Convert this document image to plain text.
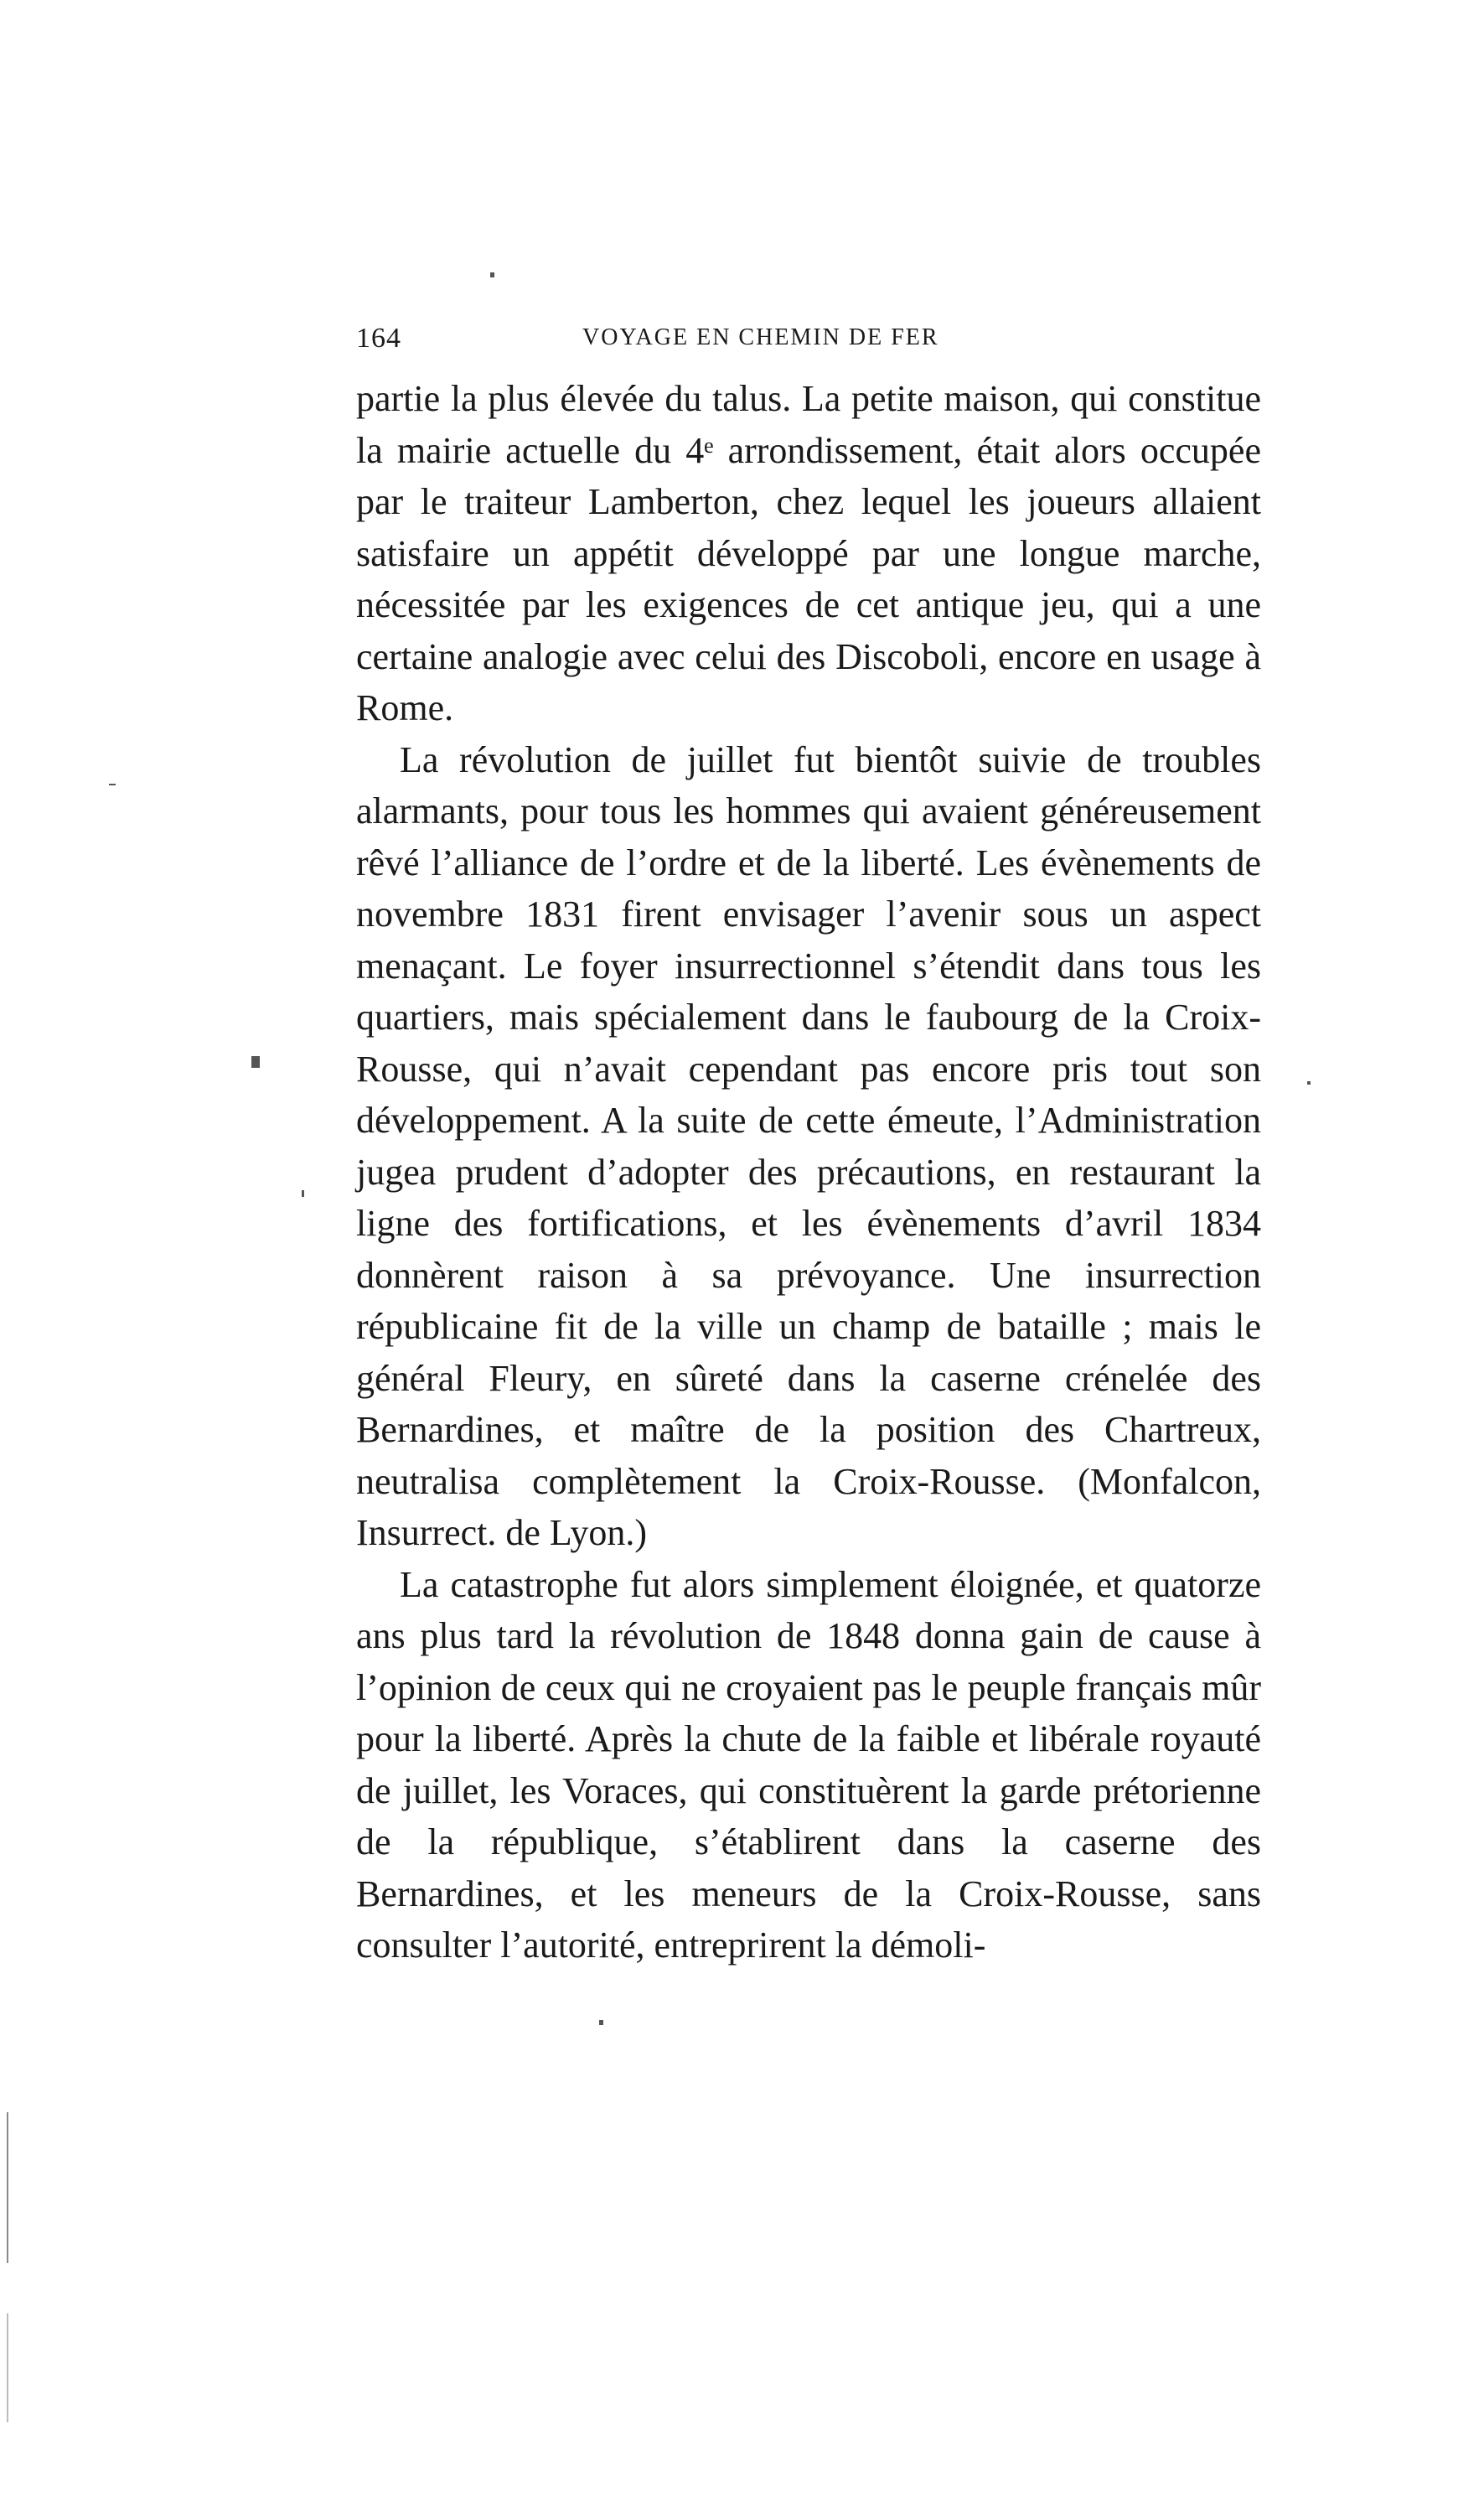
164	VOYAGE EN CHEMIN DE FER

partie la plus élevée du talus. La petite maison, qui constitue la mairie actuelle du 4ᵉ arrondissement, était alors occupée par le traiteur Lamberton, chez lequel les joueurs allaient satisfaire un appétit développé par une longue marche, nécessitée par les exigences de cet antique jeu, qui a une certaine analogie avec celui des Discoboli, encore en usage à Rome.

La révolution de juillet fut bientôt suivie de troubles alarmants, pour tous les hommes qui avaient généreusement rêvé l’alliance de l’ordre et de la liberté. Les évènements de novembre 1831 firent envisager l’avenir sous un aspect menaçant. Le foyer insurrectionnel s’étendit dans tous les quartiers, mais spécialement dans le faubourg de la Croix-Rousse, qui n’avait cependant pas encore pris tout son développement. A la suite de cette émeute, l’Administration jugea prudent d’adopter des précautions, en restaurant la ligne des fortifications, et les évènements d’avril 1834 donnèrent raison à sa prévoyance. Une insurrection républicaine fit de la ville un champ de bataille ; mais le général Fleury, en sûreté dans la caserne crénelée des Bernardines, et maître de la position des Chartreux, neutralisa complètement la Croix-Rousse. (Monfalcon, Insurrect. de Lyon.)

La catastrophe fut alors simplement éloignée, et quatorze ans plus tard la révolution de 1848 donna gain de cause à l’opinion de ceux qui ne croyaient pas le peuple français mûr pour la liberté. Après la chute de la faible et libérale royauté de juillet, les Voraces, qui constituèrent la garde prétorienne de la république, s’établirent dans la caserne des Bernardines, et les meneurs de la Croix-Rousse, sans consulter l’autorité, entreprirent la démoli-
